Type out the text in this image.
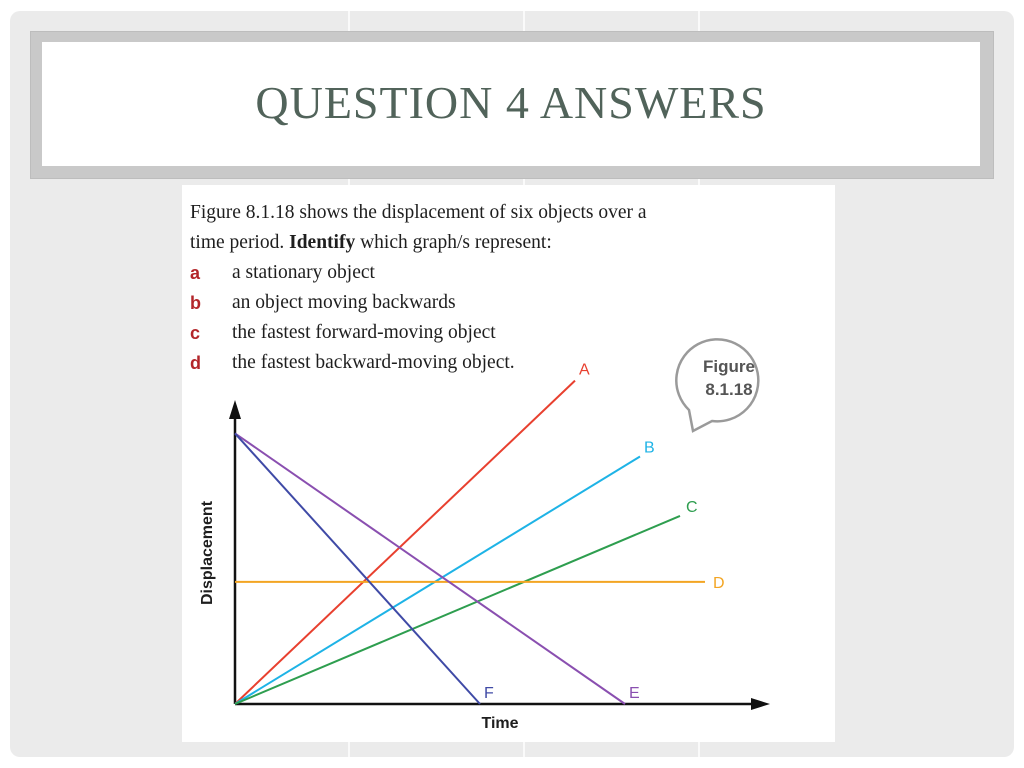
QUESTION 4 ANSWERS
Figure 8.1.18 shows the displacement of six objects over a
time period. Identify which graph/s represent:
a	a stationary object
b	an object moving backwards
c	the fastest forward-moving object
d	the fastest backward-moving object.	Figure
8.1.18
Time
Displacement
A
B
C
D
E
F
